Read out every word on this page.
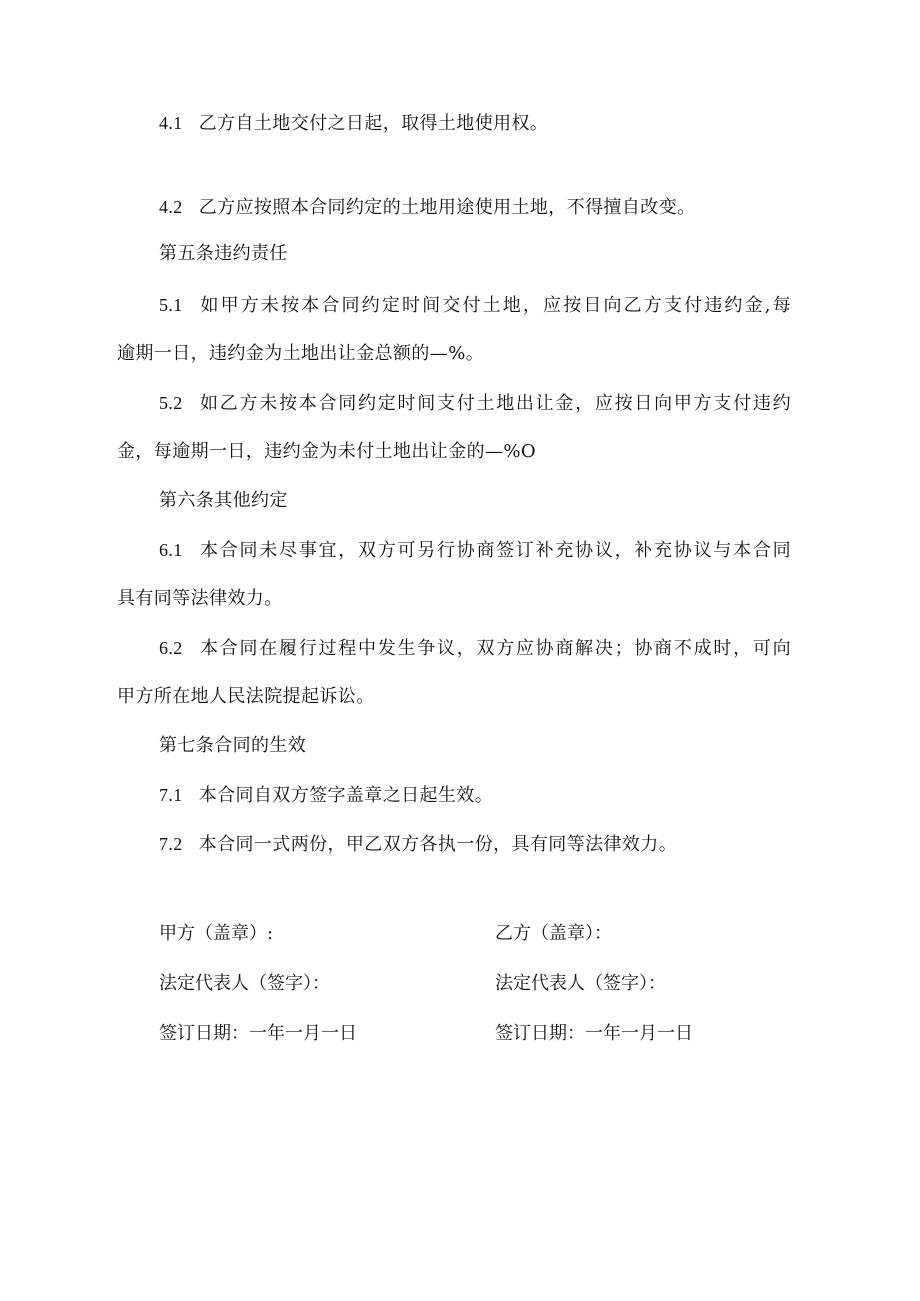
4.1 乙方自土地交付之日起，取得土地使用权。
4.2 乙方应按照本合同约定的土地用途使用土地，不得擅自改变。
第五条违约责任
5.1 如甲方未按本合同约定时间交付土地，应按日向乙方支付违约金,每
逾期一日，违约金为土地出让金总额的—%。
5.2 如乙方未按本合同约定时间支付土地出让金，应按日向甲方支付违约
金，每逾期一日，违约金为未付土地出让金的—%O
第六条其他约定
6.1 本合同未尽事宜，双方可另行协商签订补充协议，补充协议与本合同
具有同等法律效力。
6.2 本合同在履行过程中发生争议，双方应协商解决；协商不成时，可向
甲方所在地人民法院提起诉讼。
第七条合同的生效
7.1 本合同自双方签字盖章之日起生效。
7.2 本合同一式两份，甲乙双方各执一份，具有同等法律效力。
甲方（盖章）:	乙方（盖章）：
法定代表人（签字）：	法定代表人（签字）：
签订日期：一年一月一日	签订日期：一年一月一日
